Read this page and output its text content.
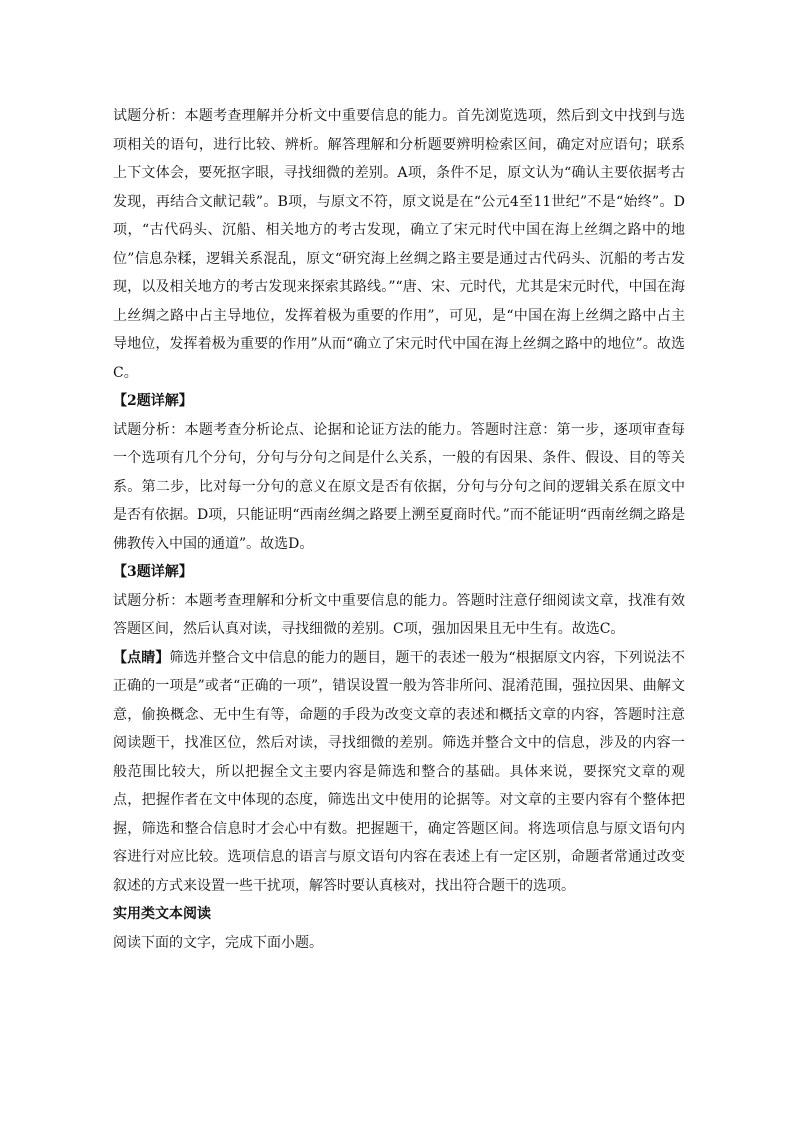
试题分析：本题考查理解并分析文中重要信息的能力。首先浏览选项，然后到文中找到与选项相关的语句，进行比较、辨析。解答理解和分析题要辨明检索区间，确定对应语句；联系上下文体会，要死抠字眼，寻找细微的差别。A项，条件不足，原文认为“确认主要依据考古发现，再结合文献记载”。B项，与原文不符，原文说是在“公元4至11世纪”不是“始终”。D项，“古代码头、沉船、相关地方的考古发现，确立了宋元时代中国在海上丝绸之路中的地位”信息杂糅，逻辑关系混乱，原文“研究海上丝绸之路主要是通过古代码头、沉船的考古发现，以及相关地方的考古发现来探索其路线。”“唐、宋、元时代，尤其是宋元时代，中国在海上丝绸之路中占主导地位，发挥着极为重要的作用”，可见，是“中国在海上丝绸之路中占主导地位，发挥着极为重要的作用”从而“确立了宋元时代中国在海上丝绸之路中的地位”。故选C。

【2题详解】

试题分析：本题考查分析论点、论据和论证方法的能力。答题时注意：第一步，逐项审查每一个选项有几个分句，分句与分句之间是什么关系，一般的有因果、条件、假设、目的等关系。第二步，比对每一分句的意义在原文是否有依据，分句与分句之间的逻辑关系在原文中是否有依据。D项，只能证明“西南丝绸之路要上溯至夏商时代。”而不能证明“西南丝绸之路是佛教传入中国的通道”。故选D。

【3题详解】

试题分析：本题考查理解和分析文中重要信息的能力。答题时注意仔细阅读文章，找准有效答题区间，然后认真对读，寻找细微的差别。C项，强加因果且无中生有。故选C。

【点睛】筛选并整合文中信息的能力的题目，题干的表述一般为“根据原文内容，下列说法不正确的一项是”或者“正确的一项”，错误设置一般为答非所问、混淆范围，强拉因果、曲解文意，偷换概念、无中生有等，命题的手段为改变文章的表述和概括文章的内容，答题时注意阅读题干，找准区位，然后对读，寻找细微的差别。筛选并整合文中的信息，涉及的内容一般范围比较大，所以把握全文主要内容是筛选和整合的基础。具体来说，要探究文章的观点，把握作者在文中体现的态度，筛选出文中使用的论据等。对文章的主要内容有个整体把握，筛选和整合信息时才会心中有数。把握题干，确定答题区间。将选项信息与原文语句内容进行对应比较。选项信息的语言与原文语句内容在表述上有一定区别，命题者常通过改变叙述的方式来设置一些干扰项，解答时要认真核对，找出符合题干的选项。

实用类文本阅读

阅读下面的文字，完成下面小题。
